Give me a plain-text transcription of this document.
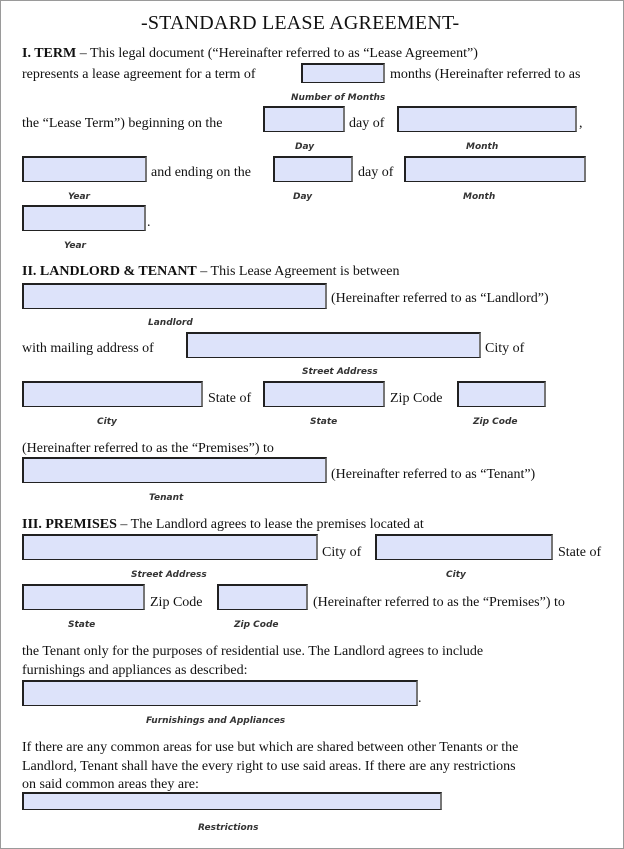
-STANDARD LEASE AGREEMENT-
I. TERM – This legal document (“Hereinafter referred to as “Lease Agreement”)
represents a lease agreement for a term of	months (Hereinafter referred to as
Number of Months
the “Lease Term”) beginning on the	day of	,
Day	Month
and ending on the	day of
Year	Day	Month
.
Year
II. LANDLORD & TENANT – This Lease Agreement is between
(Hereinafter referred to as “Landlord”)
Landlord
with mailing address of	City of
Street Address
State of	Zip Code
City	State	Zip Code
(Hereinafter referred to as the “Premises”) to
(Hereinafter referred to as “Tenant”)
Tenant
III. PREMISES – The Landlord agrees to lease the premises located at
City of	State of
Street Address	City
Zip Code	(Hereinafter referred to as the “Premises”) to
State	Zip Code
the Tenant only for the purposes of residential use. The Landlord agrees to include
furnishings and appliances as described:
.
Furnishings and Appliances
If there are any common areas for use but which are shared between other Tenants or the
Landlord, Tenant shall have the every right to use said areas. If there are any restrictions
on said common areas they are:
Restrictions
